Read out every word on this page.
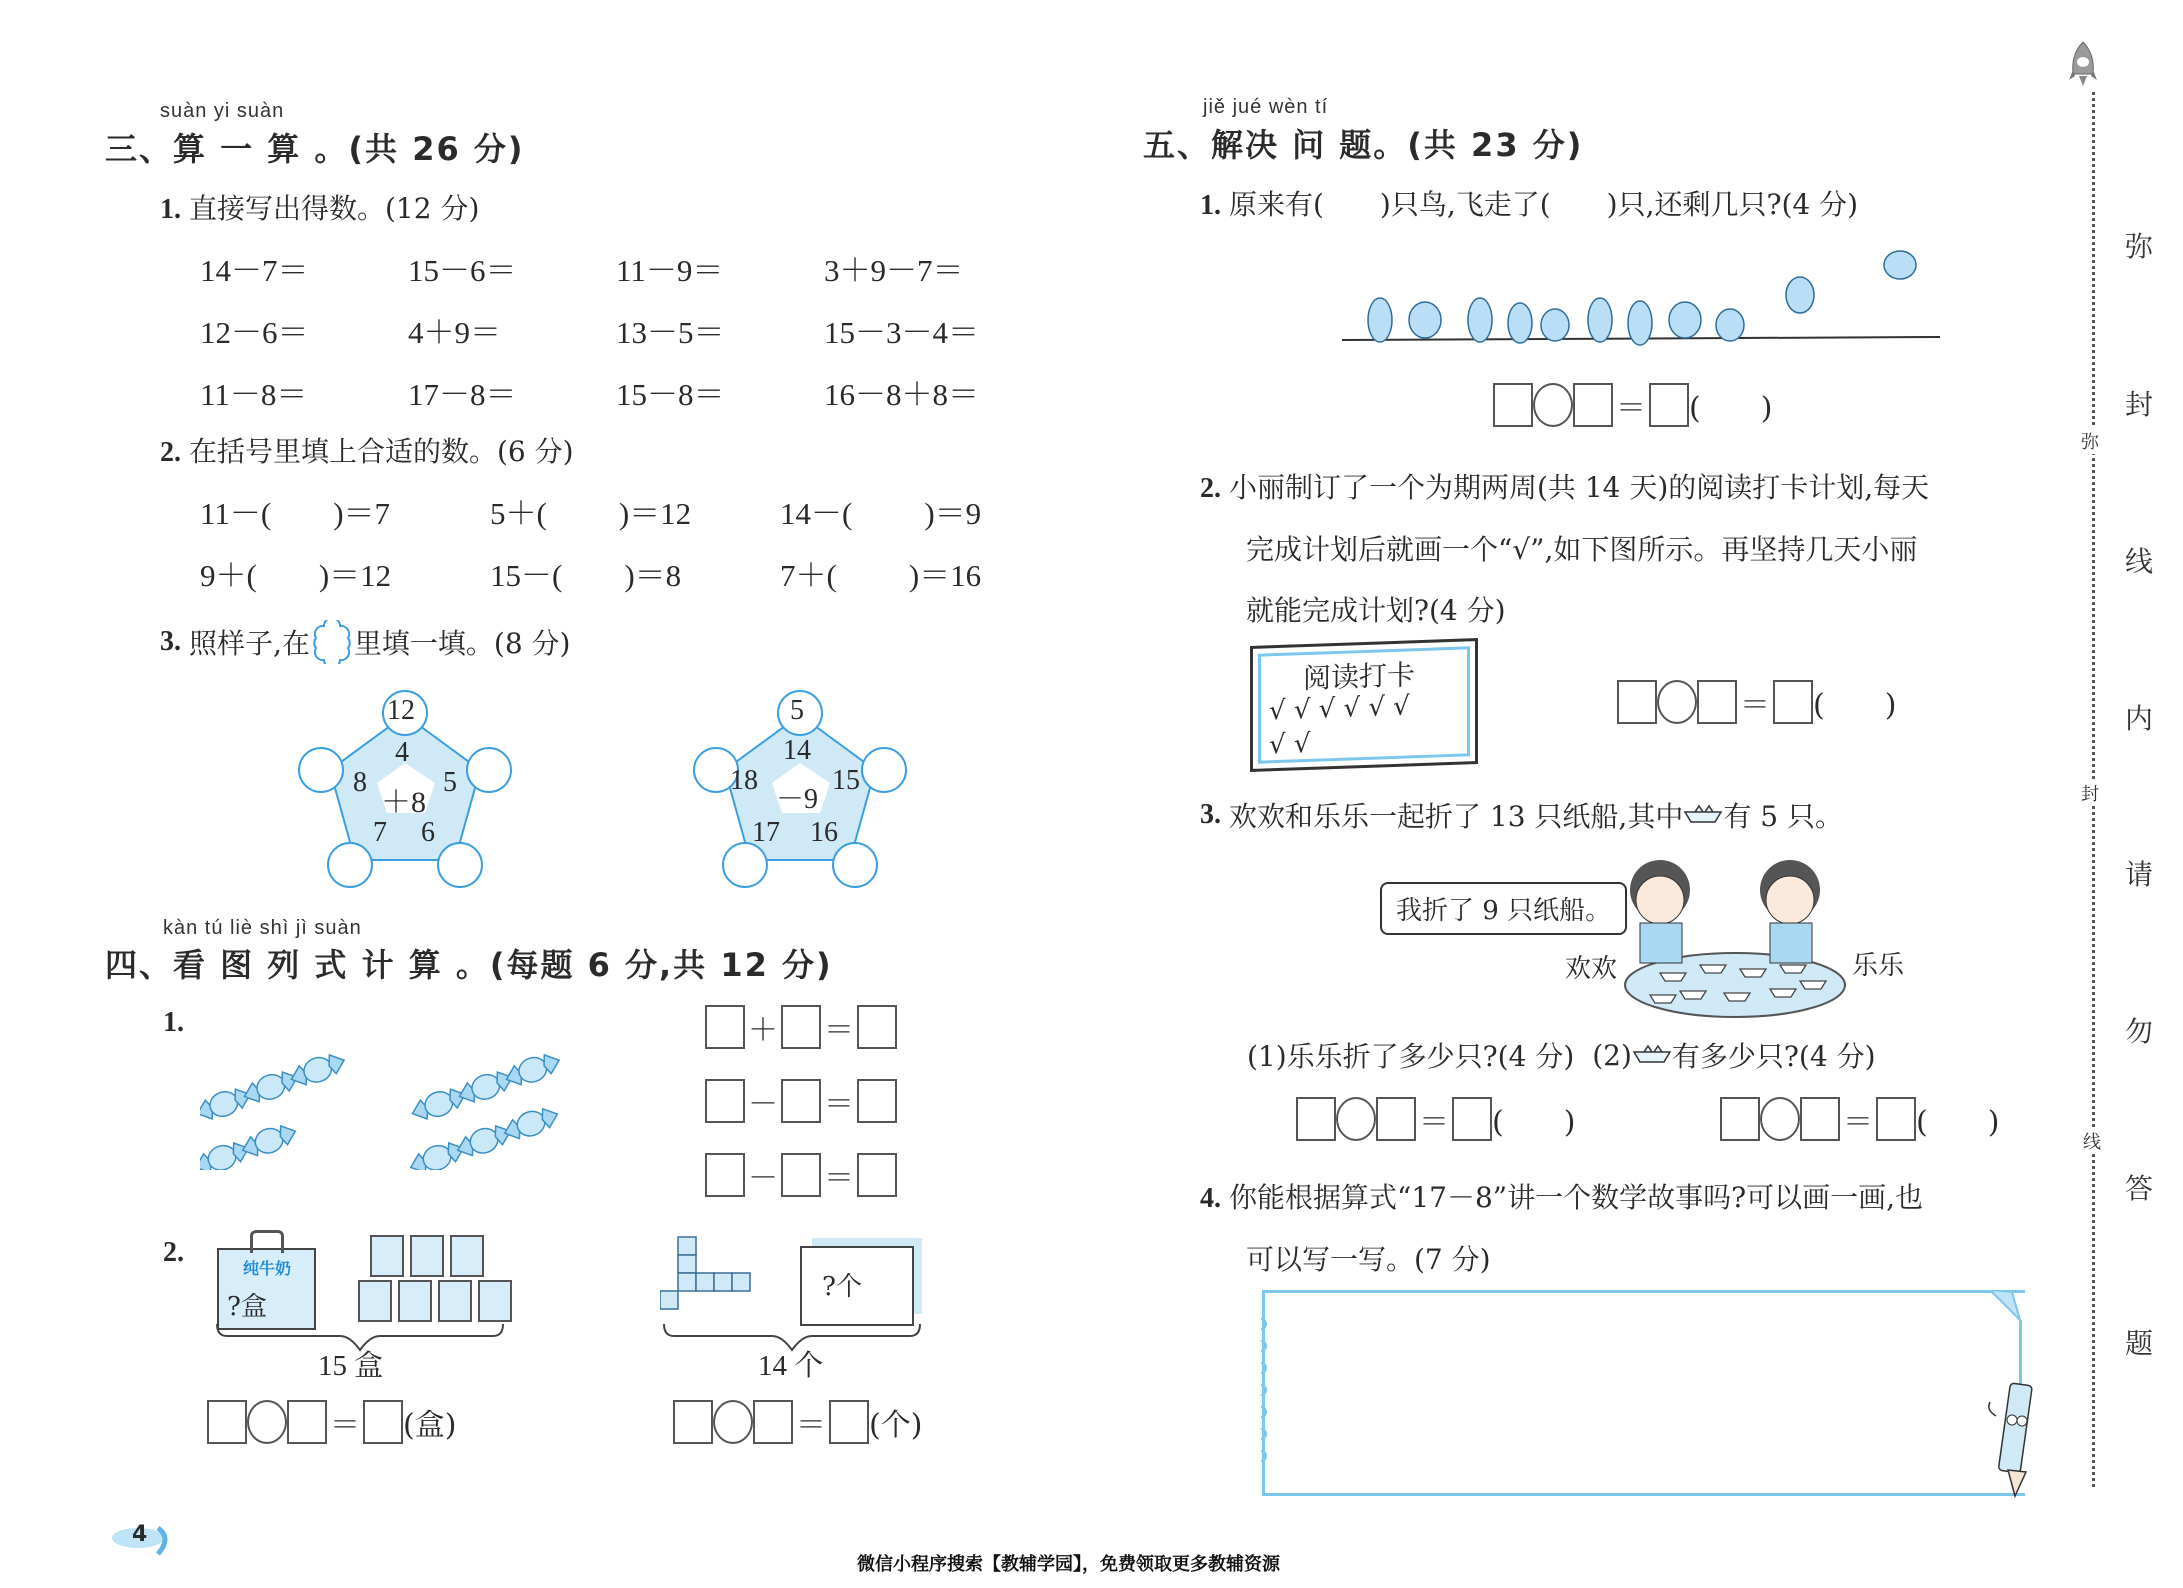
suàn yi suàn
三、算 一 算 。(共 26 分)
1. 直接写出得数。(12 分)
14－7＝	15－6＝	11－9＝	3＋9－7＝
12－6＝	4＋9＝	13－5＝	15－3－4＝
11－8＝	17－8＝	15－8＝	16－8＋8＝
2. 在括号里填上合适的数。(6 分)
11－( )＝7	5＋( )＝12	14－( )＝9
9＋( )＝12	15－( )＝8	7＋( )＝16
3. 照样子,在 里填一填。(8 分)
12
4
8	5
＋8
7 6
5
14
18	15
－9
17 16
kàn tú liè shì jì suàn
四、看 图 列 式 计 算 。(每题 6 分,共 12 分)
1.	＋ ＝
－ ＝
－ ＝
2.
纯牛奶
?盒
15 盒
＝ (盒)
?个
14 个
＝ (个)
4
微信小程序搜索【教辅学园】，免费领取更多教辅资源
jiě jué wèn tí
五、解决 问 题。(共 23 分)
1. 原来有(　　)只鸟,飞走了(　　)只,还剩几只?(4 分)
＝ (　　)
2. 小丽制订了一个为期两周(共 14 天)的阅读打卡计划,每天
完成计划后就画一个“√”,如下图所示。再坚持几天小丽
就能完成计划?(4 分)
阅读打卡
√ √ √ √ √ √
√ √
＝ (　　)
3. 欢欢和乐乐一起折了 13 只纸船,其中 有 5 只。
我折了 9 只纸船。
欢欢	乐乐
(1)乐乐折了多少只?(4 分) (2) 有多少只?(4 分)
＝ (　　)	＝ (　　)
4. 你能根据算式“17－8”讲一个数学故事吗?可以画一画,也
可以写一写。(7 分)
弥
封
线
弥
封
线
内
请
勿
答
题
